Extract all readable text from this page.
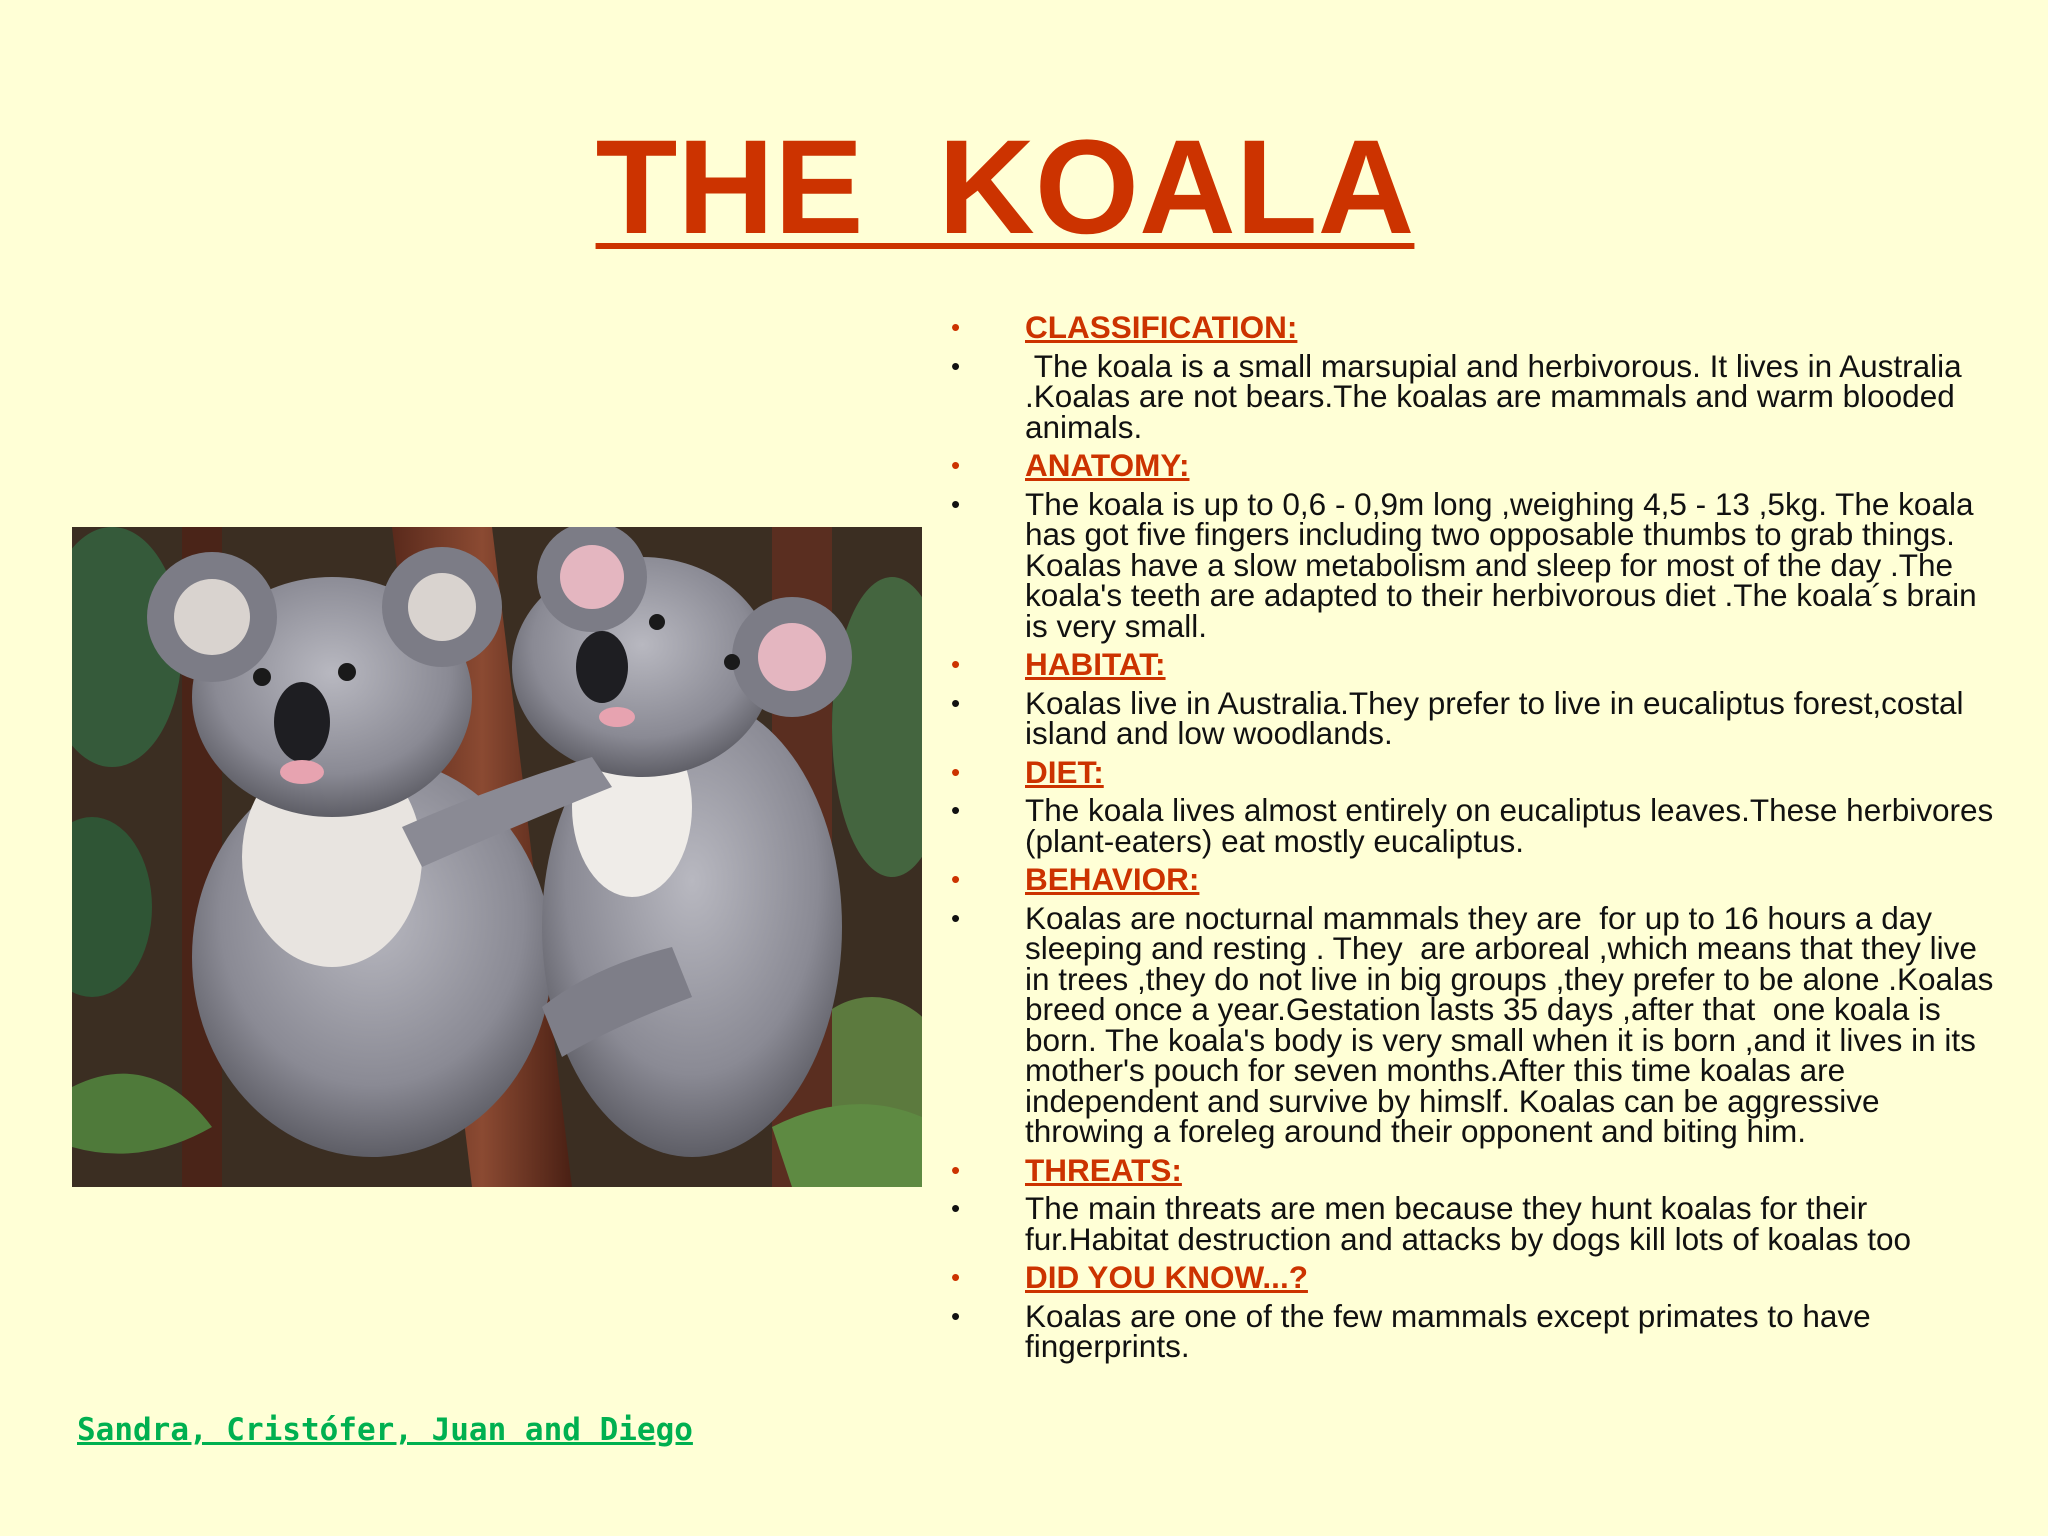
THE  KOALA
• CLASSIFICATION:
• The koala is a small marsupial and herbivorous. It lives in Australia .Koalas are not bears.The koalas are mammals and warm blooded animals.
• ANATOMY:
• The koala is up to 0,6 - 0,9m long ,weighing 4,5 - 13 ,5kg. The koala has got five fingers including two opposable thumbs to grab things. Koalas have a slow metabolism and sleep for most of the day .The koala's teeth are adapted to their herbivorous diet .The koala´s brain is very small.
• HABITAT:
• Koalas live in Australia.They prefer to live in eucaliptus forest,costal island and low woodlands.
• DIET:
• The koala lives almost entirely on eucaliptus leaves.These herbivores (plant-eaters) eat mostly eucaliptus.
• BEHAVIOR:
• Koalas are nocturnal mammals they are  for up to 16 hours a day sleeping and resting . They  are arboreal ,which means that they live in trees ,they do not live in big groups ,they prefer to be alone .Koalas breed once a year.Gestation lasts 35 days ,after that  one koala is born. The koala's body is very small when it is born ,and it lives in its mother's pouch for seven months.After this time koalas are independent and survive by himslf. Koalas can be aggressive throwing a foreleg around their opponent and biting him.
• THREATS:
• The main threats are men because they hunt koalas for their fur.Habitat destruction and attacks by dogs kill lots of koalas too
• DID YOU KNOW...?
• Koalas are one of the few mammals except primates to have fingerprints.
Sandra, Cristófer, Juan and Diego
